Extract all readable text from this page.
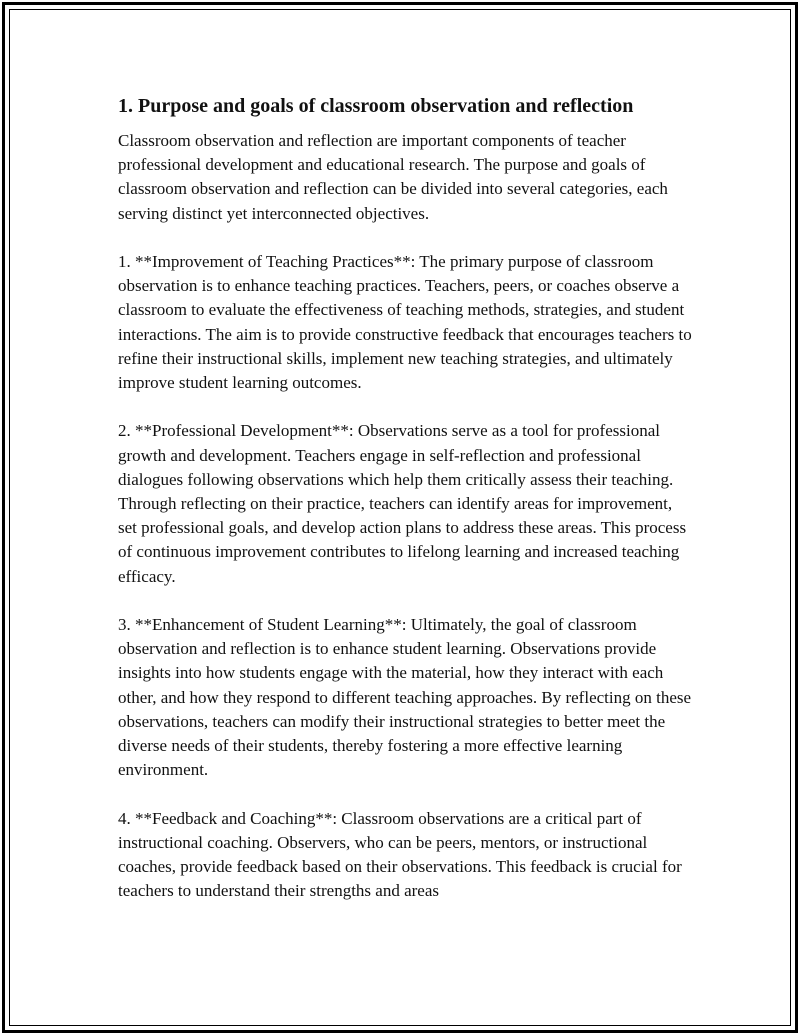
1. Purpose and goals of classroom observation and reflection

Classroom observation and reflection are important components of teacher professional development and educational research. The purpose and goals of classroom observation and reflection can be divided into several categories, each serving distinct yet interconnected objectives.

1. **Improvement of Teaching Practices**: The primary purpose of classroom observation is to enhance teaching practices. Teachers, peers, or coaches observe a classroom to evaluate the effectiveness of teaching methods, strategies, and student interactions. The aim is to provide constructive feedback that encourages teachers to refine their instructional skills, implement new teaching strategies, and ultimately improve student learning outcomes.

2. **Professional Development**: Observations serve as a tool for professional growth and development. Teachers engage in self-reflection and professional dialogues following observations which help them critically assess their teaching. Through reflecting on their practice, teachers can identify areas for improvement, set professional goals, and develop action plans to address these areas. This process of continuous improvement contributes to lifelong learning and increased teaching efficacy.

3. **Enhancement of Student Learning**: Ultimately, the goal of classroom observation and reflection is to enhance student learning. Observations provide insights into how students engage with the material, how they interact with each other, and how they respond to different teaching approaches. By reflecting on these observations, teachers can modify their instructional strategies to better meet the diverse needs of their students, thereby fostering a more effective learning environment.

4. **Feedback and Coaching**: Classroom observations are a critical part of instructional coaching. Observers, who can be peers, mentors, or instructional coaches, provide feedback based on their observations. This feedback is crucial for teachers to understand their strengths and areas
